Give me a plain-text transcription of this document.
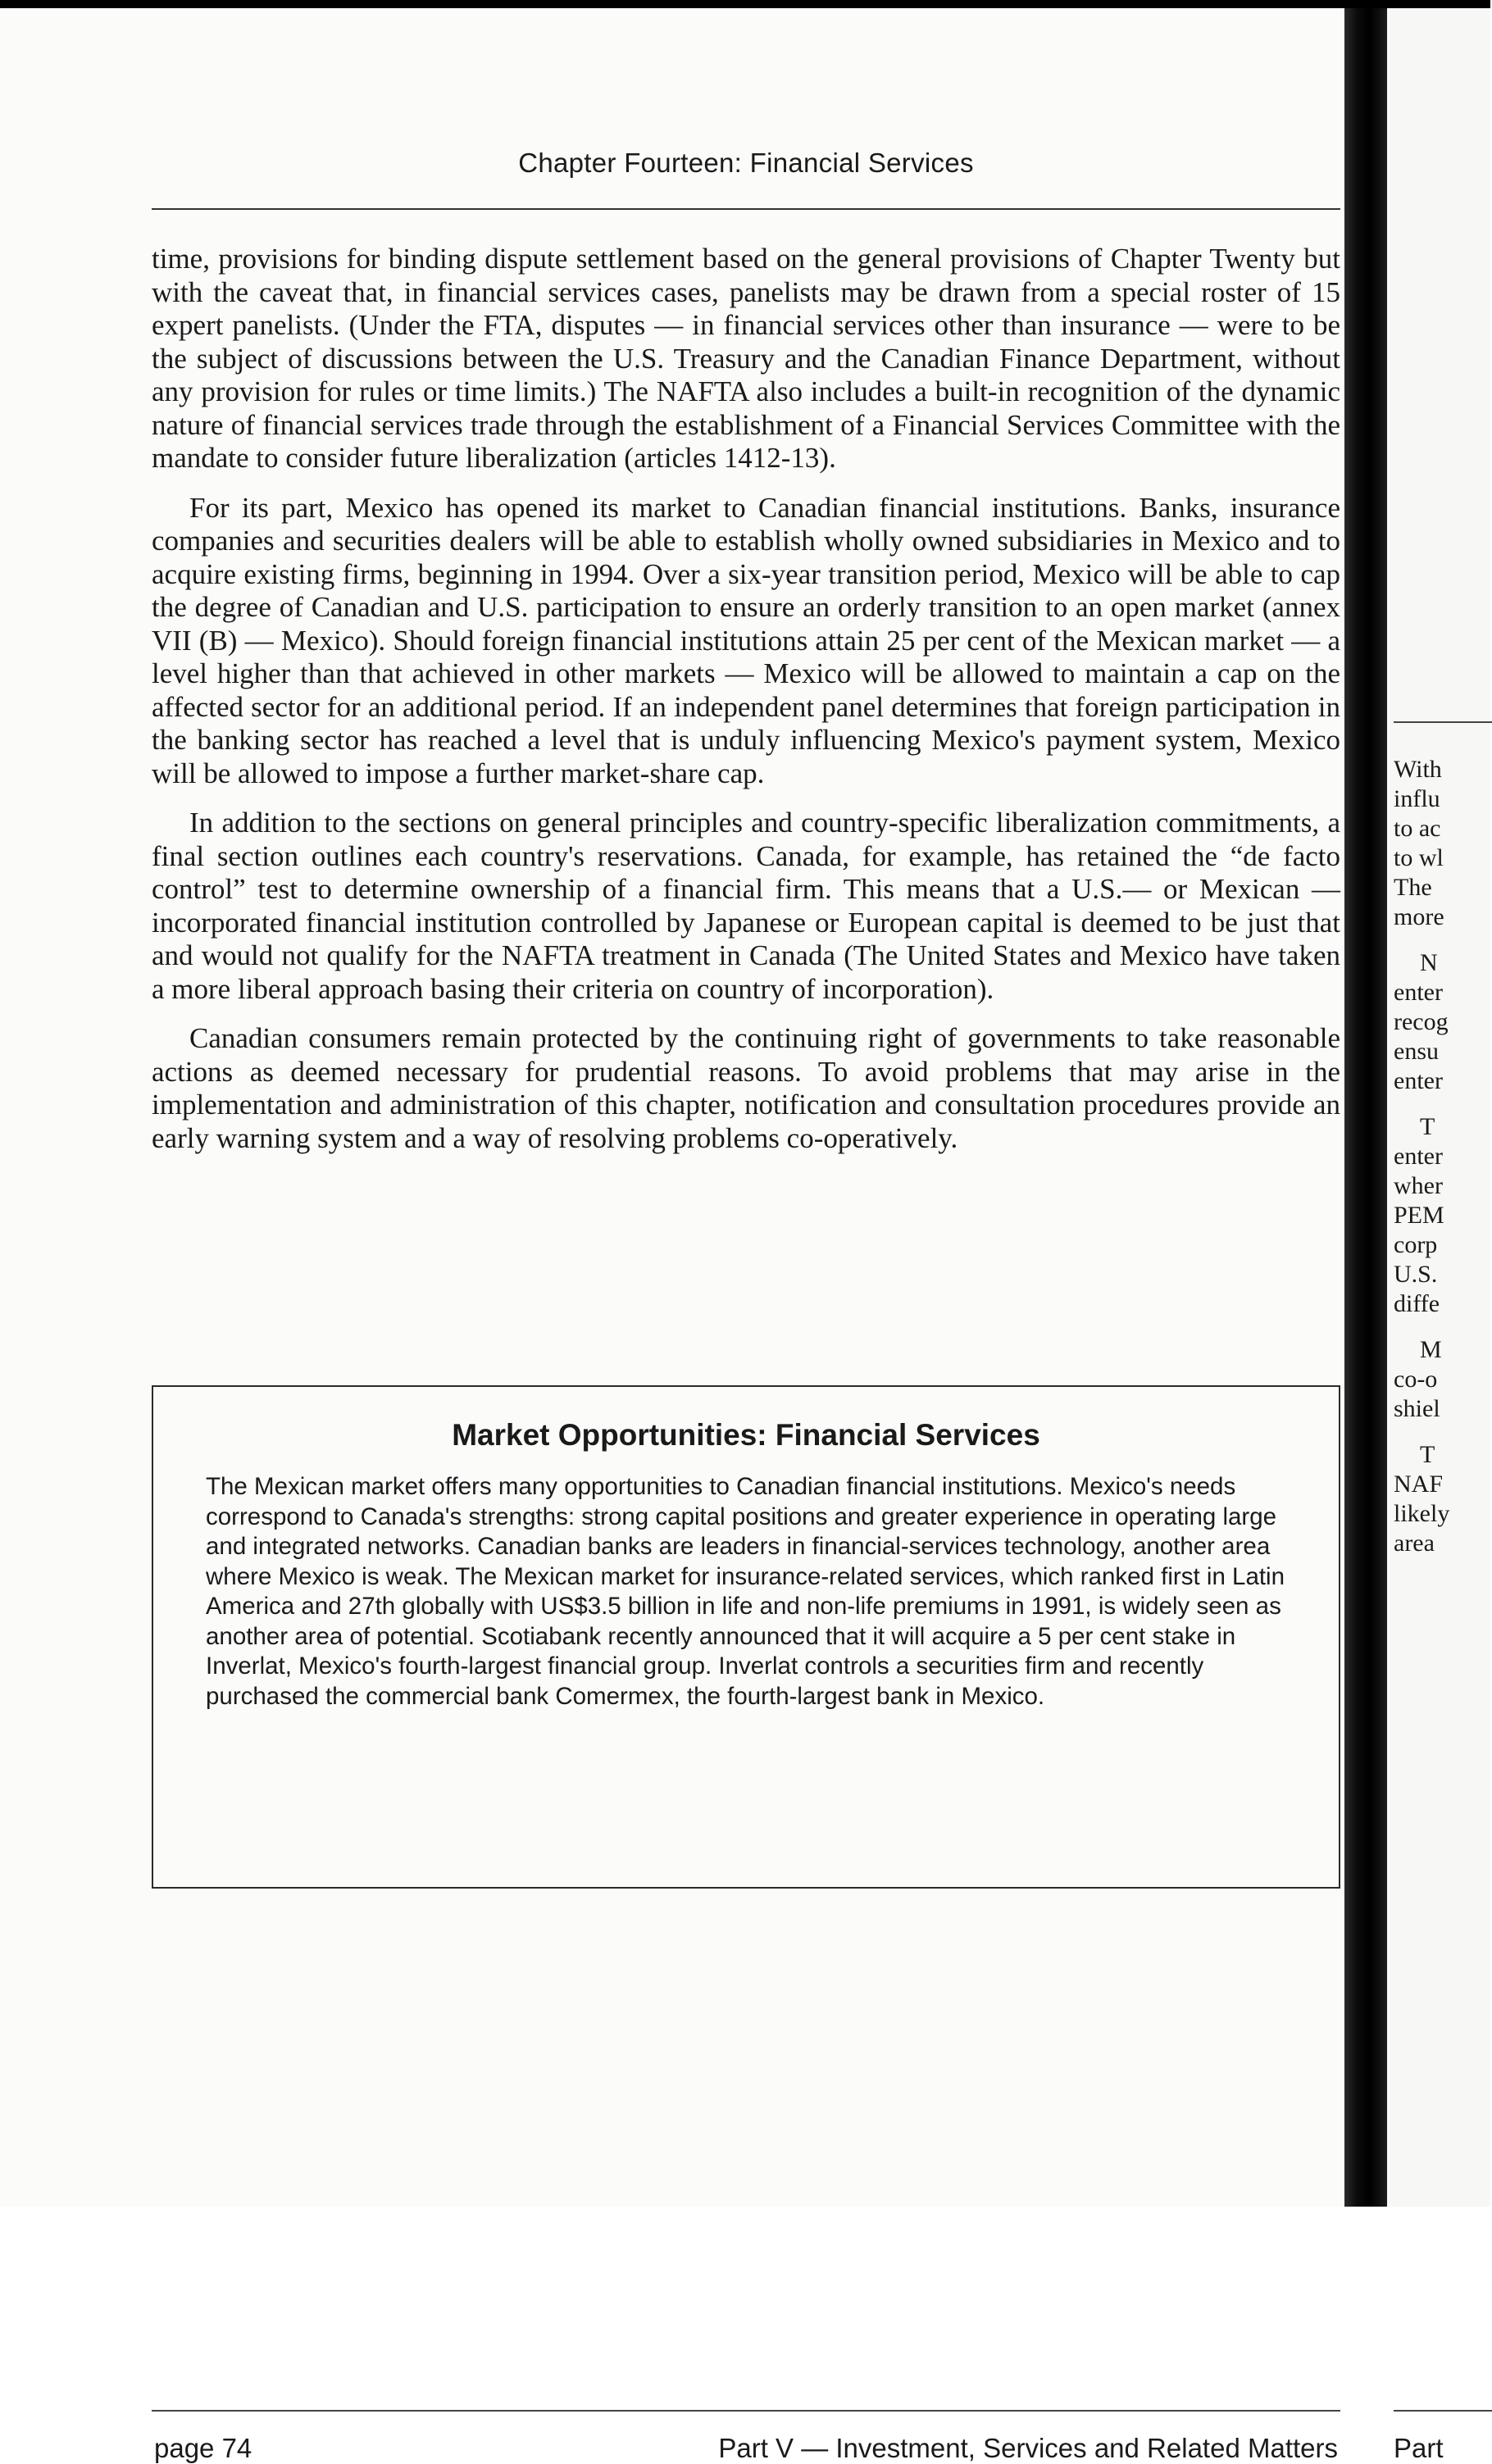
Chapter Fourteen: Financial Services

time, provisions for binding dispute settlement based on the general provisions of Chapter Twenty but with the caveat that, in financial services cases, panelists may be drawn from a special roster of 15 expert panelists. (Under the FTA, disputes — in financial services other than insurance — were to be the subject of discussions between the U.S. Treasury and the Canadian Finance Department, without any provision for rules or time limits.) The NAFTA also includes a built-in recognition of the dynamic nature of financial services trade through the establishment of a Financial Services Committee with the mandate to consider future liberalization (articles 1412-13).

For its part, Mexico has opened its market to Canadian financial institutions. Banks, insurance companies and securities dealers will be able to establish wholly owned subsidiaries in Mexico and to acquire existing firms, beginning in 1994. Over a six-year transition period, Mexico will be able to cap the degree of Canadian and U.S. participation to ensure an orderly transition to an open market (annex VII (B) — Mexico). Should foreign financial institutions attain 25 per cent of the Mexican market — a level higher than that achieved in other markets — Mexico will be allowed to maintain a cap on the affected sector for an additional period. If an independent panel determines that foreign participation in the banking sector has reached a level that is unduly influencing Mexico's payment system, Mexico will be allowed to impose a further market-share cap.

In addition to the sections on general principles and country-specific liberalization commitments, a final section outlines each country's reservations. Canada, for example, has retained the “de facto control” test to determine ownership of a financial firm. This means that a U.S.— or Mexican — incorporated financial institution controlled by Japanese or European capital is deemed to be just that and would not qualify for the NAFTA treatment in Canada (The United States and Mexico have taken a more liberal approach basing their criteria on country of incorporation).

Canadian consumers remain protected by the continuing right of governments to take reasonable actions as deemed necessary for prudential reasons. To avoid problems that may arise in the implementation and administration of this chapter, notification and consultation procedures provide an early warning system and a way of resolving problems co-operatively.

Market Opportunities: Financial Services

The Mexican market offers many opportunities to Canadian financial institutions. Mexico's needs correspond to Canada's strengths: strong capital positions and greater experience in operating large and integrated networks. Canadian banks are leaders in financial-services technology, another area where Mexico is weak. The Mexican market for insurance-related services, which ranked first in Latin America and 27th globally with US$3.5 billion in life and non-life premiums in 1991, is widely seen as another area of potential. Scotiabank recently announced that it will acquire a 5 per cent stake in Inverlat, Mexico's fourth-largest financial group. Inverlat controls a securities firm and recently purchased the commercial bank Comermex, the fourth-largest bank in Mexico.

page 74	Part V — Investment, Services and Related Matters
With
influ
to ac
to wl
The
more
N
enter
recog
ensu
enter
T
enter
wher
PEM
corp
U.S.
diffe
M
co-o
shiel
T
NAF
likely
area
Part
